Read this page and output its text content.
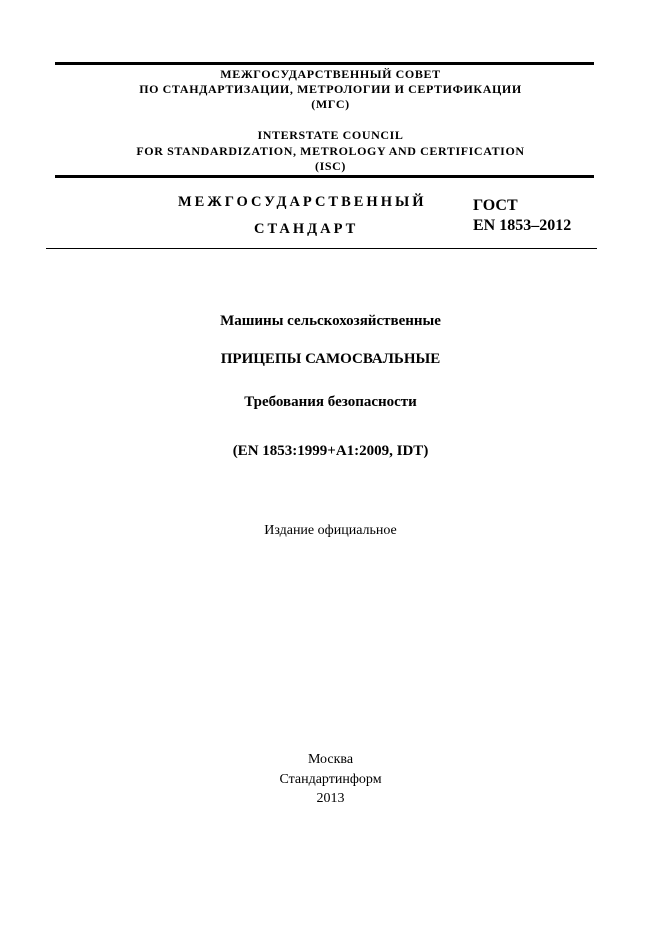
МЕЖГОСУДАРСТВЕННЫЙ СОВЕТ
ПО СТАНДАРТИЗАЦИИ, МЕТРОЛОГИИ И СЕРТИФИКАЦИИ
(МГС)
INTERSTATE COUNCIL
FOR STANDARDIZATION, METROLOGY AND CERTIFICATION
(ISC)
МЕЖГОСУДАРСТВЕННЫЙ
СТАНДАРТ
ГОСТ
EN 1853–2012
Машины сельскохозяйственные
ПРИЦЕПЫ САМОСВАЛЬНЫЕ
Требования безопасности
(EN 1853:1999+A1:2009, IDT)
Издание официальное
Москва
Стандартинформ
2013
